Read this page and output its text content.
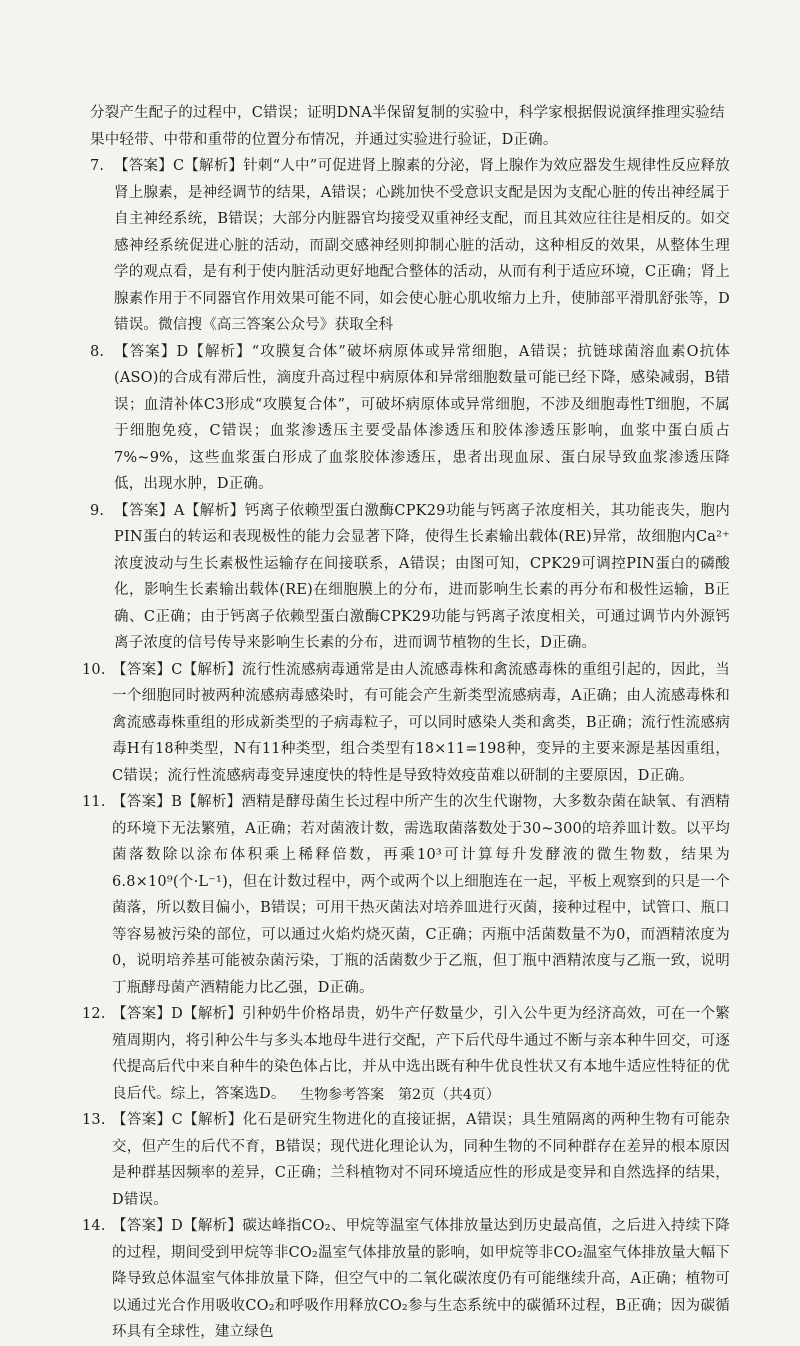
分裂产生配子的过程中，C错误；证明DNA半保留复制的实验中，科学家根据假说演绎推理实验结果中轻带、中带和重带的位置分布情况，并通过实验进行验证，D正确。

7. 【答案】C【解析】针刺“人中”可促进肾上腺素的分泌，肾上腺作为效应器发生规律性反应释放肾上腺素，是神经调节的结果，A错误；心跳加快不受意识支配是因为支配心脏的传出神经属于自主神经系统，B错误；大部分内脏器官均接受双重神经支配，而且其效应往往是相反的。如交感神经系统促进心脏的活动，而副交感神经则抑制心脏的活动，这种相反的效果，从整体生理学的观点看，是有利于使内脏活动更好地配合整体的活动，从而有利于适应环境，C正确；肾上腺素作用于不同器官作用效果可能不同，如会使心脏心肌收缩力上升，使肺部平滑肌舒张等，D错误。微信搜《高三答案公众号》获取全科
8. 【答案】D【解析】“攻膜复合体”破坏病原体或异常细胞，A错误；抗链球菌溶血素O抗体(ASO)的合成有滞后性，滴度升高过程中病原体和异常细胞数量可能已经下降，感染减弱，B错误；血清补体C3形成“攻膜复合体”，可破坏病原体或异常细胞，不涉及细胞毒性T细胞，不属于细胞免疫，C错误；血浆渗透压主要受晶体渗透压和胶体渗透压影响，血浆中蛋白质占7%~9%，这些血浆蛋白形成了血浆胶体渗透压，患者出现血尿、蛋白尿导致血浆渗透压降低，出现水肿，D正确。
9. 【答案】A【解析】钙离子依赖型蛋白激酶CPK29功能与钙离子浓度相关，其功能丧失，胞内PIN蛋白的转运和表现极性的能力会显著下降，使得生长素输出载体(RE)异常，故细胞内Ca²⁺浓度波动与生长素极性运输存在间接联系，A错误；由图可知，CPK29可调控PIN蛋白的磷酸化，影响生长素输出载体(RE)在细胞膜上的分布，进而影响生长素的再分布和极性运输，B正确、C正确；由于钙离子依赖型蛋白激酶CPK29功能与钙离子浓度相关，可通过调节内外源钙离子浓度的信号传导来影响生长素的分布，进而调节植物的生长，D正确。
10. 【答案】C【解析】流行性流感病毒通常是由人流感毒株和禽流感毒株的重组引起的，因此，当一个细胞同时被两种流感病毒感染时，有可能会产生新类型流感病毒，A正确；由人流感毒株和禽流感毒株重组的形成新类型的子病毒粒子，可以同时感染人类和禽类，B正确；流行性流感病毒H有18种类型，N有11种类型，组合类型有18×11=198种，变异的主要来源是基因重组，C错误；流行性流感病毒变异速度快的特性是导致特效疫苗难以研制的主要原因，D正确。
11. 【答案】B【解析】酒精是酵母菌生长过程中所产生的次生代谢物，大多数杂菌在缺氧、有酒精的环境下无法繁殖，A正确；若对菌液计数，需选取菌落数处于30~300的培养皿计数。以平均菌落数除以涂布体积乘上稀释倍数，再乘10³可计算每升发酵液的微生物数，结果为6.8×10⁹(个·L⁻¹)，但在计数过程中，两个或两个以上细胞连在一起，平板上观察到的只是一个菌落，所以数目偏小，B错误；可用干热灭菌法对培养皿进行灭菌，接种过程中，试管口、瓶口等容易被污染的部位，可以通过火焰灼烧灭菌，C正确；丙瓶中活菌数量不为0，而酒精浓度为0，说明培养基可能被杂菌污染，丁瓶的活菌数少于乙瓶，但丁瓶中酒精浓度与乙瓶一致，说明丁瓶酵母菌产酒精能力比乙强，D正确。
12. 【答案】D【解析】引种奶牛价格昂贵，奶牛产仔数量少，引入公牛更为经济高效，可在一个繁殖周期内，将引种公牛与多头本地母牛进行交配，产下后代母牛通过不断与亲本种牛回交，可逐代提高后代中来自种牛的染色体占比，并从中选出既有种牛优良性状又有本地牛适应性特征的优良后代。综上，答案选D。
13. 【答案】C【解析】化石是研究生物进化的直接证据，A错误；具生殖隔离的两种生物有可能杂交，但产生的后代不育，B错误；现代进化理论认为，同种生物的不同种群存在差异的根本原因是种群基因频率的差异，C正确；兰科植物对不同环境适应性的形成是变异和自然选择的结果，D错误。
14. 【答案】D【解析】碳达峰指CO₂、甲烷等温室气体排放量达到历史最高值，之后进入持续下降的过程，期间受到甲烷等非CO₂温室气体排放量的影响，如甲烷等非CO₂温室气体排放量大幅下降导致总体温室气体排放量下降，但空气中的二氧化碳浓度仍有可能继续升高，A正确；植物可以通过光合作用吸收CO₂和呼吸作用释放CO₂参与生态系统中的碳循环过程，B正确；因为碳循环具有全球性，建立绿色
生物参考答案　第2页（共4页）
